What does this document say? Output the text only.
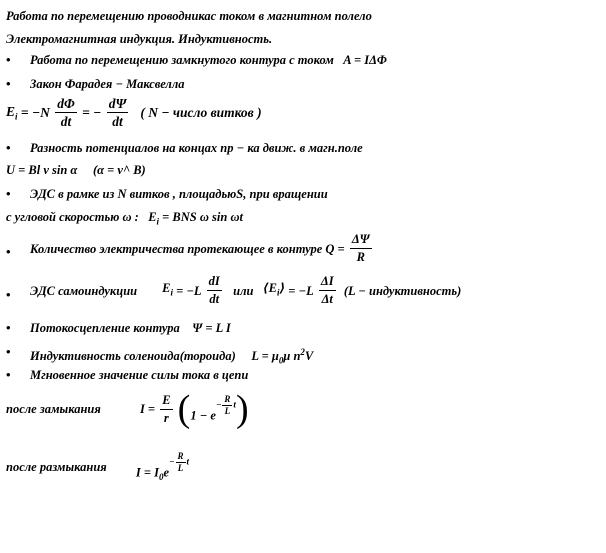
Работа по перемещению проводникас током в магнитном полело
Электромагнитная индукция. Индуктивность.
• Работа по перемещению замкнутого контура с током A = IΔΦ
• Закон Фарадея − Максвелла
$E_i = -N \frac{d\Phi}{dt}$ = − $\frac{d\Psi}{dt}$ ( N − число витков )
• Разность потенциалов на концах пр − ка движ. в магн.поле
U = Bl v sin α (α = v^ B)
• ЭДС в рамке из N витков , площадьюS, при вращении
с угловой скоростью ω : $E_i$ = BNS ω sin ωt
• Количество электричества протекающее в контуре $Q = \frac{\Delta\Psi}{R}$
• ЭДС самоиндукции $E_i = -L \frac{dI}{dt}$ или $⟨E_i⟩ = -L \frac{\Delta I}{\Delta t} (L$ − индуктивность)
• Потокосцепление контура Ψ = L I
• Индуктивность соленоида(тороида) $L = \mu_0\mu$ $n^2V$
• Мгновенное значение силы тока в цепи
после замыкания	$I = \frac{E}{r} (1 - e- \frac{R}{L} t)$
после размыкания $I = I_0e- \frac{R}{L}$ t
